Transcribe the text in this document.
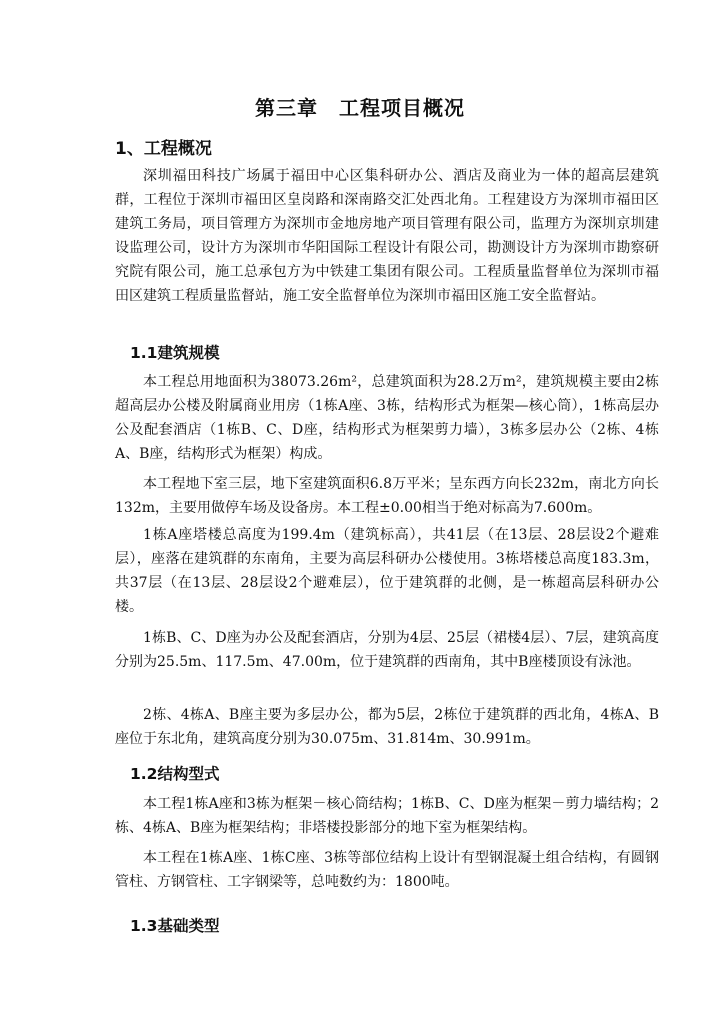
第三章　工程项目概况
1、工程概况

深圳福田科技广场属于福田中心区集科研办公、酒店及商业为一体的超高层建筑群，工程位于深圳市福田区皇岗路和深南路交汇处西北角。工程建设方为深圳市福田区建筑工务局，项目管理方为深圳市金地房地产项目管理有限公司，监理方为深圳京圳建设监理公司，设计方为深圳市华阳国际工程设计有限公司，勘测设计方为深圳市勘察研究院有限公司，施工总承包方为中铁建工集团有限公司。工程质量监督单位为深圳市福田区建筑工程质量监督站，施工安全监督单位为深圳市福田区施工安全监督站。

1.1建筑规模

本工程总用地面积为38073.26m²，总建筑面积为28.2万m²，建筑规模主要由2栋超高层办公楼及附属商业用房（1栋A座、3栋，结构形式为框架—核心筒），1栋高层办公及配套酒店（1栋B、C、D座，结构形式为框架剪力墙），3栋多层办公（2栋、4栋A、B座，结构形式为框架）构成。

本工程地下室三层，地下室建筑面积6.8万平米；呈东西方向长232m，南北方向长132m，主要用做停车场及设备房。本工程±0.00相当于绝对标高为7.600m。

1栋A座塔楼总高度为199.4m（建筑标高），共41层（在13层、28层设2个避难层），座落在建筑群的东南角，主要为高层科研办公楼使用。3栋塔楼总高度183.3m，共37层（在13层、28层设2个避难层），位于建筑群的北侧，是一栋超高层科研办公楼。

1栋B、C、D座为办公及配套酒店，分别为4层、25层（裙楼4层）、7层，建筑高度分别为25.5m、117.5m、47.00m，位于建筑群的西南角，其中B座楼顶设有泳池。

2栋、4栋A、B座主要为多层办公，都为5层，2栋位于建筑群的西北角，4栋A、B座位于东北角，建筑高度分别为30.075m、31.814m、30.991m。

1.2结构型式

本工程1栋A座和3栋为框架－核心筒结构；1栋B、C、D座为框架－剪力墙结构；2栋、4栋A、B座为框架结构；非塔楼投影部分的地下室为框架结构。

本工程在1栋A座、1栋C座、3栋等部位结构上设计有型钢混凝土组合结构，有圆钢管柱、方钢管柱、工字钢梁等，总吨数约为：1800吨。

1.3基础类型
